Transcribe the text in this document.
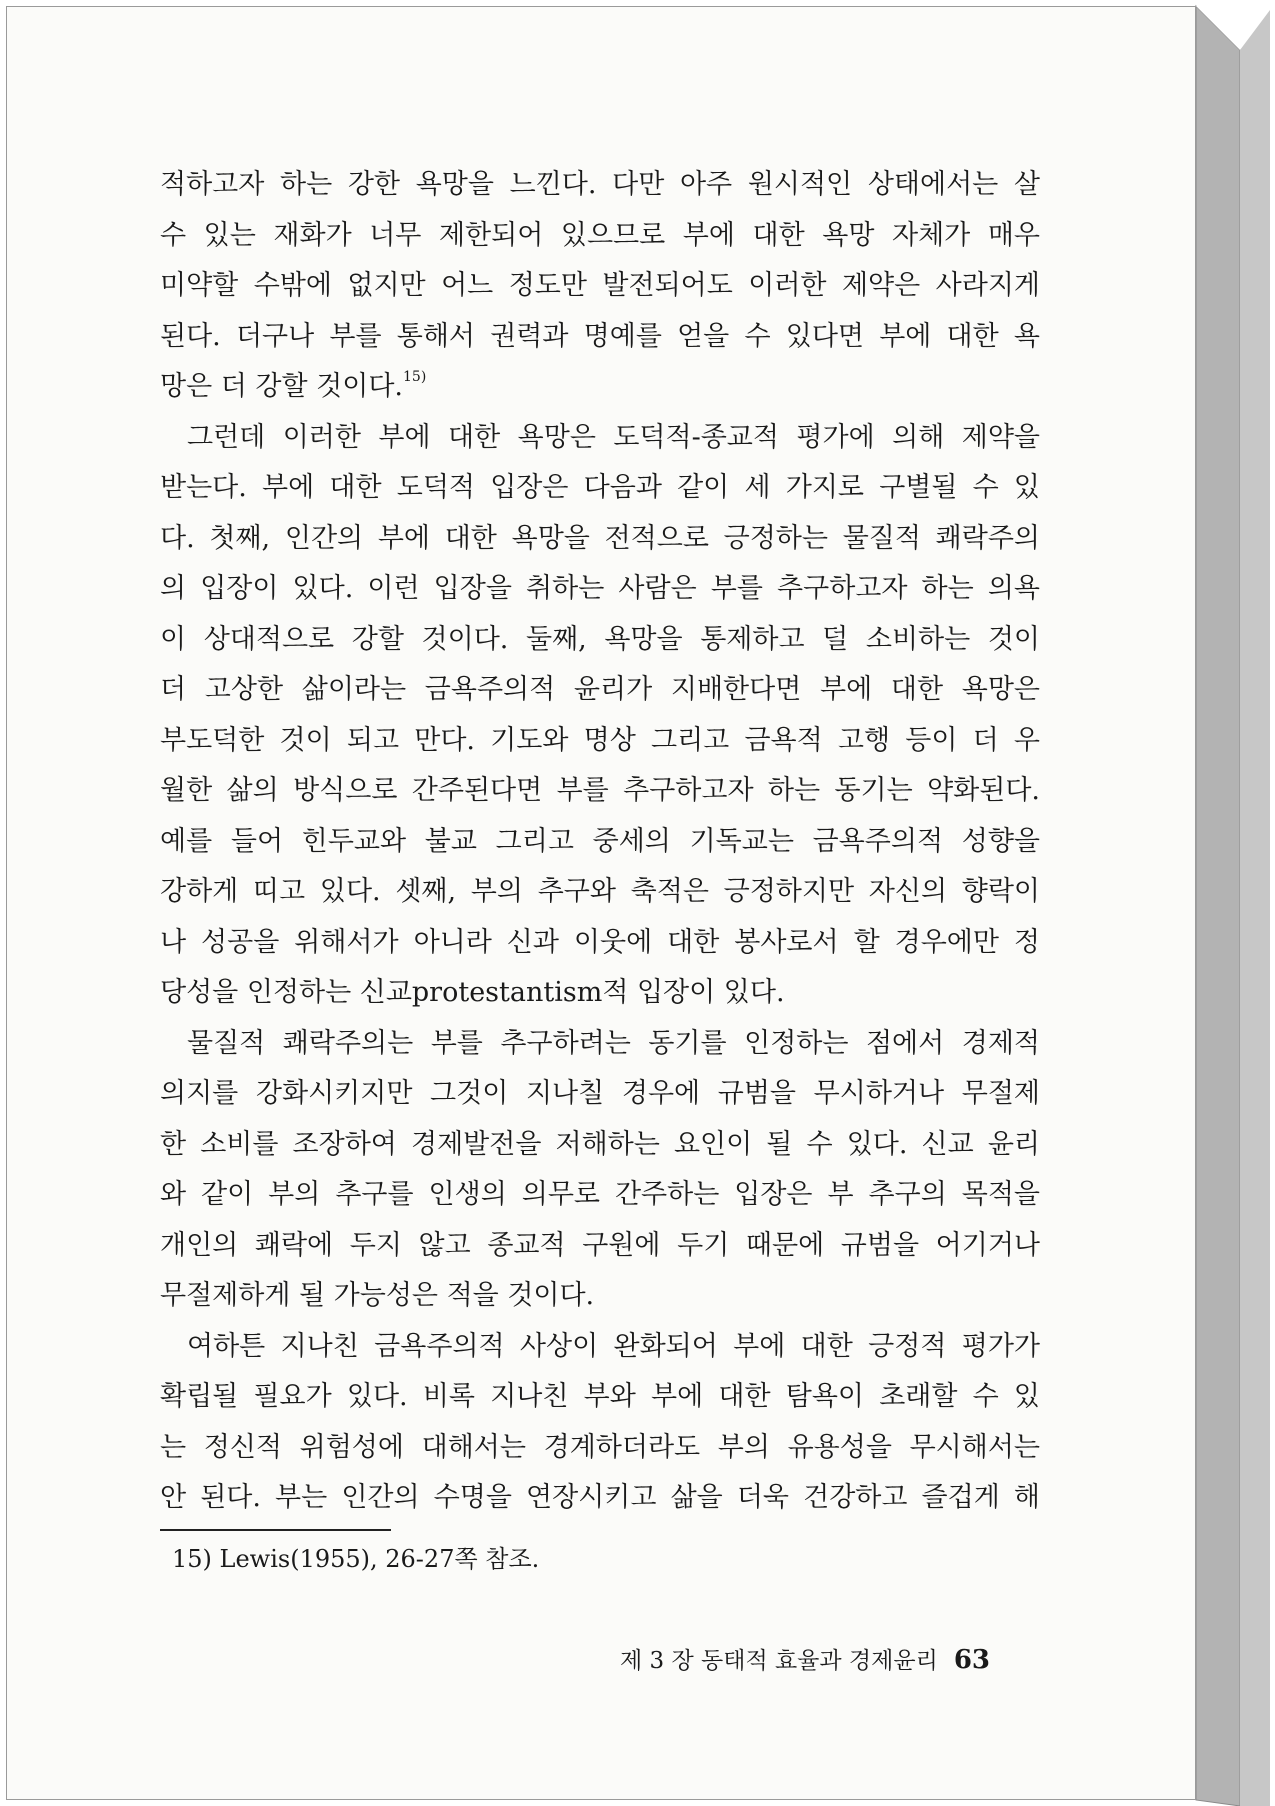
적하고자 하는 강한 욕망을 느낀다. 다만 아주 원시적인 상태에서는 살
수 있는 재화가 너무 제한되어 있으므로 부에 대한 욕망 자체가 매우
미약할 수밖에 없지만 어느 정도만 발전되어도 이러한 제약은 사라지게
된다. 더구나 부를 통해서 권력과 명예를 얻을 수 있다면 부에 대한 욕
망은 더 강할 것이다.$^{15)}$
그런데 이러한 부에 대한 욕망은 도덕적-종교적 평가에 의해 제약을
받는다. 부에 대한 도덕적 입장은 다음과 같이 세 가지로 구별될 수 있
다. 첫째, 인간의 부에 대한 욕망을 전적으로 긍정하는 물질적 쾌락주의
의 입장이 있다. 이런 입장을 취하는 사람은 부를 추구하고자 하는 의욕
이 상대적으로 강할 것이다. 둘째, 욕망을 통제하고 덜 소비하는 것이
더 고상한 삶이라는 금욕주의적 윤리가 지배한다면 부에 대한 욕망은
부도덕한 것이 되고 만다. 기도와 명상 그리고 금욕적 고행 등이 더 우
월한 삶의 방식으로 간주된다면 부를 추구하고자 하는 동기는 약화된다.
예를 들어 힌두교와 불교 그리고 중세의 기독교는 금욕주의적 성향을
강하게 띠고 있다. 셋째, 부의 추구와 축적은 긍정하지만 자신의 향락이
나 성공을 위해서가 아니라 신과 이웃에 대한 봉사로서 할 경우에만 정
당성을 인정하는 신교protestantism적 입장이 있다.
물질적 쾌락주의는 부를 추구하려는 동기를 인정하는 점에서 경제적
의지를 강화시키지만 그것이 지나칠 경우에 규범을 무시하거나 무절제
한 소비를 조장하여 경제발전을 저해하는 요인이 될 수 있다. 신교 윤리
와 같이 부의 추구를 인생의 의무로 간주하는 입장은 부 추구의 목적을
개인의 쾌락에 두지 않고 종교적 구원에 두기 때문에 규범을 어기거나
무절제하게 될 가능성은 적을 것이다.
여하튼 지나친 금욕주의적 사상이 완화되어 부에 대한 긍정적 평가가
확립될 필요가 있다. 비록 지나친 부와 부에 대한 탐욕이 초래할 수 있
는 정신적 위험성에 대해서는 경계하더라도 부의 유용성을 무시해서는
안 된다. 부는 인간의 수명을 연장시키고 삶을 더욱 건강하고 즐겁게 해
15) Lewis(1955), 26-27쪽 참조.
제 3 장 동태적 효율과 경제윤리 63
